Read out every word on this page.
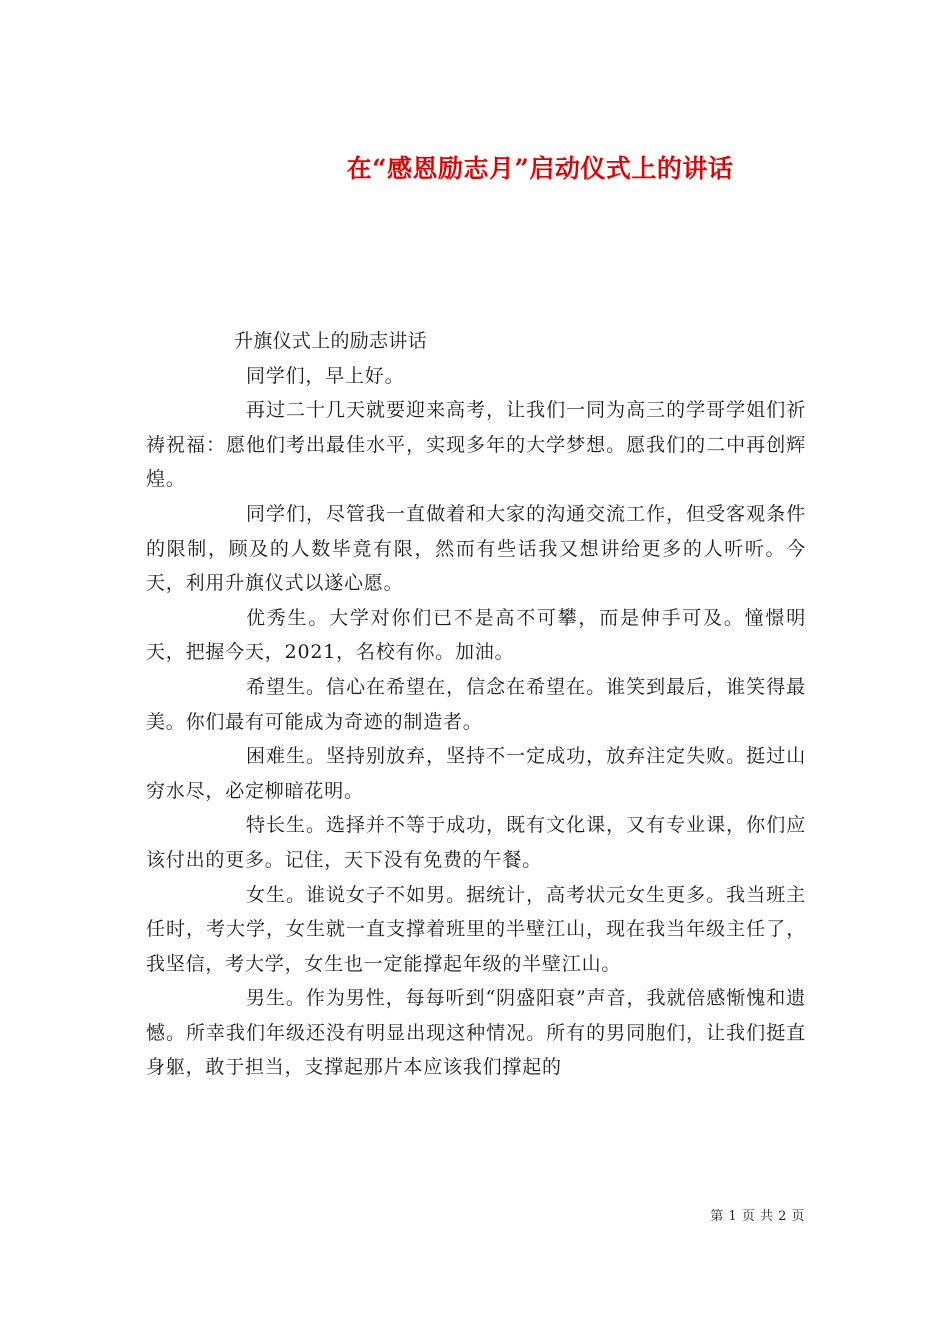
在“感恩励志月”启动仪式上的讲话

升旗仪式上的励志讲话

同学们，早上好。

再过二十几天就要迎来高考，让我们一同为高三的学哥学姐们祈祷祝福：愿他们考出最佳水平，实现多年的大学梦想。愿我们的二中再创辉煌。

同学们，尽管我一直做着和大家的沟通交流工作，但受客观条件的限制，顾及的人数毕竟有限，然而有些话我又想讲给更多的人听听。今天，利用升旗仪式以遂心愿。

优秀生。大学对你们已不是高不可攀，而是伸手可及。憧憬明天，把握今天，2021，名校有你。加油。

希望生。信心在希望在，信念在希望在。谁笑到最后，谁笑得最美。你们最有可能成为奇迹的制造者。

困难生。坚持别放弃，坚持不一定成功，放弃注定失败。挺过山穷水尽，必定柳暗花明。

特长生。选择并不等于成功，既有文化课，又有专业课，你们应该付出的更多。记住，天下没有免费的午餐。

女生。谁说女子不如男。据统计，高考状元女生更多。我当班主任时，考大学，女生就一直支撑着班里的半壁江山，现在我当年级主任了，我坚信，考大学，女生也一定能撑起年级的半壁江山。

男生。作为男性，每每听到“阴盛阳衰”声音，我就倍感惭愧和遗憾。所幸我们年级还没有明显出现这种情况。所有的男同胞们，让我们挺直身躯，敢于担当，支撑起那片本应该我们撑起的

第 1 页 共 2 页
